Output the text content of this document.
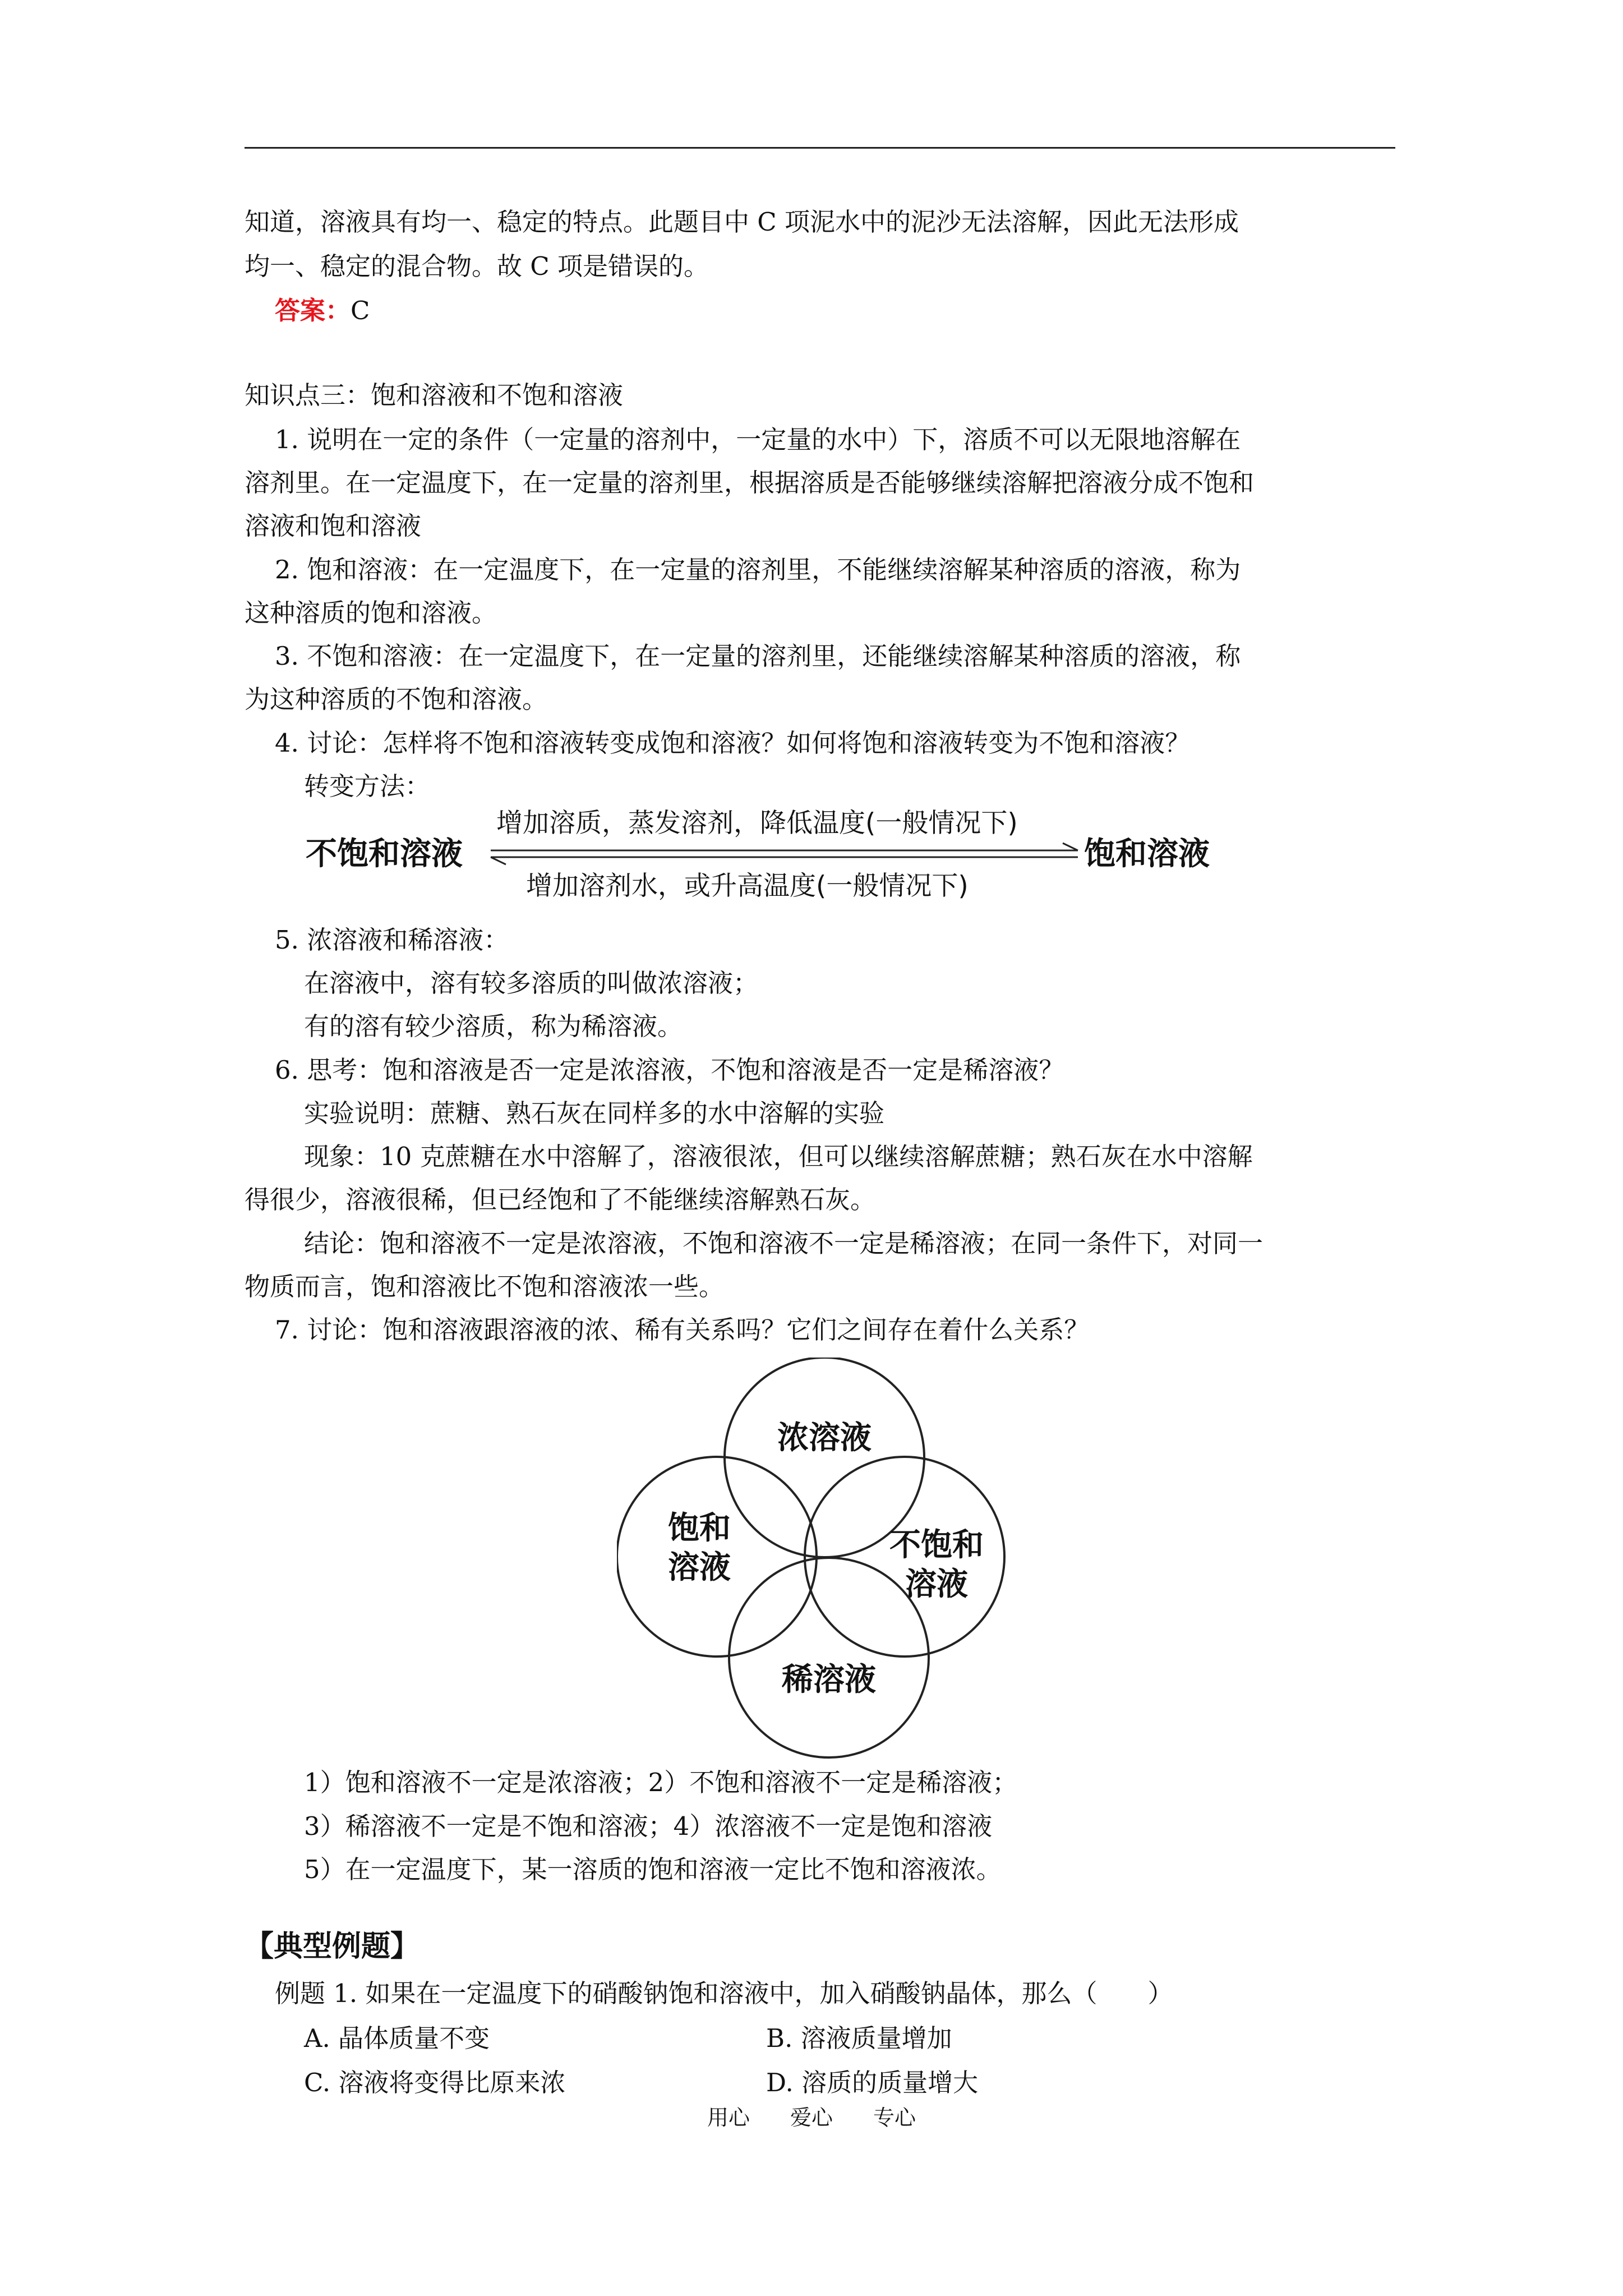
知道，溶液具有均一、稳定的特点。此题目中 C 项泥水中的泥沙无法溶解，因此无法形成
均一、稳定的混合物。故 C 项是错误的。
答案：C
知识点三：饱和溶液和不饱和溶液
1. 说明在一定的条件（一定量的溶剂中，一定量的水中）下，溶质不可以无限地溶解在
溶剂里。在一定温度下，在一定量的溶剂里，根据溶质是否能够继续溶解把溶液分成不饱和
溶液和饱和溶液
2. 饱和溶液：在一定温度下，在一定量的溶剂里，不能继续溶解某种溶质的溶液，称为
这种溶质的饱和溶液。
3. 不饱和溶液：在一定温度下，在一定量的溶剂里，还能继续溶解某种溶质的溶液，称
为这种溶质的不饱和溶液。
4. 讨论：怎样将不饱和溶液转变成饱和溶液？如何将饱和溶液转变为不饱和溶液？
转变方法：
不饱和溶液
增加溶质，蒸发溶剂，降低温度(一般情况下)
饱和溶液
增加溶剂水，或升高温度(一般情况下)
5. 浓溶液和稀溶液：
在溶液中，溶有较多溶质的叫做浓溶液；
有的溶有较少溶质，称为稀溶液。
6. 思考：饱和溶液是否一定是浓溶液，不饱和溶液是否一定是稀溶液？
实验说明：蔗糖、熟石灰在同样多的水中溶解的实验
现象：10 克蔗糖在水中溶解了，溶液很浓，但可以继续溶解蔗糖；熟石灰在水中溶解
得很少，溶液很稀，但已经饱和了不能继续溶解熟石灰。
结论：饱和溶液不一定是浓溶液，不饱和溶液不一定是稀溶液；在同一条件下，对同一
物质而言，饱和溶液比不饱和溶液浓一些。
7. 讨论：饱和溶液跟溶液的浓、稀有关系吗？它们之间存在着什么关系？
浓溶液
饱和
溶液
不饱和
溶液
稀溶液
1）饱和溶液不一定是浓溶液；2）不饱和溶液不一定是稀溶液；
3）稀溶液不一定是不饱和溶液；4）浓溶液不一定是饱和溶液
5）在一定温度下，某一溶质的饱和溶液一定比不饱和溶液浓。
【典型例题】
例题 1. 如果在一定温度下的硝酸钠饱和溶液中，加入硝酸钠晶体，那么（　　）
A. 晶体质量不变	B. 溶液质量增加
C. 溶液将变得比原来浓	D. 溶质的质量增大
用心 爱心 专心
